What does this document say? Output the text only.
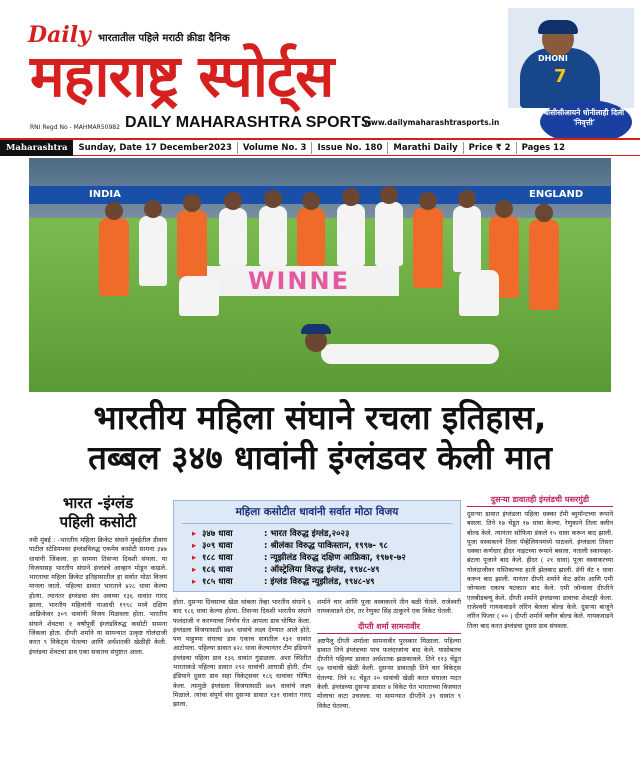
Daily भारतातील पहिले मराठी क्रीडा दैनिक
महाराष्ट्र स्पोर्ट्स
RNI Regd No - MAHMAR50982 DAILY MAHARASHTRA SPORTS
www.dailymaharashtrasports.in
DHONI
7
बीसीसीआयने धोनीलाही दिली 'निवृत्ती'
Maharashtra	Sunday, Date 17 December2023	Volume No. 3	Issue No. 180	Marathi Daily	Price ₹ 2	Pages 12
INDIA	ENGLAND
WINNE
भारतीय महिला संघाने रचला इतिहास,
तब्बल ३४७ धावांनी इंग्लंडवर केली मात
भारत -इंग्लंड
पहिली कसोटी
नवी मुंबई : -भारतीय महिला क्रिकेट संघाने मुंबईतील डीवाय पाटील स्टेडियमवर इंग्लंडविरुद्ध एकमेव कसोटी सामना ३४७ धावांनी जिंकला. हा सामना तिसऱ्या दिवशी संपला. या विजयासह भारतीय संघाने इंग्लंडचे आव्हान मोडून काढले. भारताचा महिला क्रिकेट इतिहासातील हा सर्वात मोठा विजय मानला जातो. पहिल्या डावात भारताने ४२८ धावा केल्या होत्या. त्यानंतर इंग्लंडचा संघ अवघ्या १३६ धावांत गारद झाला. भारतीय महिलांनी याआधी १९९८ मध्ये दक्षिण आफ्रिकेवर ३०९ धावांनी विजय मिळवला होता. भारतीय संघाने शेवटचा १ वर्षांपूर्वी इंग्लंडविरुद्ध कसोटी सामना जिंकला होता. दीप्ती शर्माने या सामन्यात उत्कृष्ट गोलंदाजी करत ९ विकेट्स घेतल्या आणि अर्धशतकी खेळीही केली. इंग्लंडचा शेवटचा डाव एका सत्रातच संपुष्टात आला.
महिला कसोटीत धावांनी सर्वात मोठा विजय
▸ ३४७ धावा	: भारत विरुद्ध इंग्लंड,२०२३
▸ ३०९ धावा	: श्रीलंका विरुद्ध पाकिस्तान, १९९७- ९८
▸ १८८ धावा	: न्यूझीलंड विरुद्ध दक्षिण आफ्रिका, १९७१-७२
▸ १८६ धावा	: ऑस्ट्रेलिया विरुद्ध इंग्लंड, १९४८-४९
▸ १८५ धावा	: इंग्लंड विरुद्ध न्यूझीलंड, १९४८-४९
होता. दुसऱ्या दिवसाचा खेळ थांबला तेव्हा भारतीय संघाने ६ बाद १८६ धावा केल्या होत्या. तिसऱ्या दिवशी भारतीय संघाने फलंदाजी न करण्याचा निर्णय घेत आपला डाव घोषित केला. इंग्लंडला विजयासाठी ४७९ धावांचे लक्ष्य देण्यात आले होते. पण पाहुण्या संघाचा डाव एकाच सत्रातील १३१ धावांत आटोपला. पहिल्या डावात ४२८ धावा केल्यानंतर टीम इंडियाने इंग्लंडचा पहिला डाव १३६ धावांत गुंडाळला. अशा स्थितीत भारताकडे पहिल्या डावात २९२ धावांची आघाडी होती. टीम इंडियाने दुसरा डाव सहा विकेट्सवर १८६ धावांवर घोषित केला. त्यामुळे इंग्लंडला विजयासाठी ४७९ धावांचे लक्ष्य मिळाले. त्यांचा संपूर्ण संघ दुसऱ्या डावात १३१ धावांत गारद झाला.
शर्माने चार आणि पूजा वस्त्राकरने तीन बळी घेतले. राजेश्वरी गायकवाडने दोन, तर रेणुका सिंह ठाकूरने एक विकेट घेतली.
दीप्ती शर्मा सामनावीर
अष्टपैलू दीप्ती शर्माला सामनावीर पुरस्कार मिळाला. पहिल्या डावात तिने इंग्लंडच्या पाच फलंदाजांना बाद केले. यासोबतच दीप्तीने पहिल्या डावात अर्धशतक झळकावले. तिने ११३ चेंडूत ६७ धावांची खेळी केली. दुसऱ्या डावातही तिने चार विकेट्स घेतल्या. तिने १८ चेंडूत २० धावांची खेळी करत संघाला मदत केली. इंग्लंडच्या दुसऱ्या डावात ४ विकेट घेत भारताच्या विजयात मोलाचा वाटा उचलला. या सामन्यात दीप्तीने ३९ धावांत ९ विकेट घेतल्या.
दुसऱ्या डावातही इंग्लंडची घसरगुंडी
दुसऱ्या डावात इंग्लंडला पहिला धक्का टॅमी ब्युमॉन्टच्या रूपाने बसला. तिने १७ चेंडूत १७ धावा केल्या. रेणुकाने तिला क्लीन बोल्ड केले. त्यानंतर सोफिया डंकले १५ धावा करून बाद झाली. पूजा वस्त्राकरने तिला पॅव्हेलियनमध्ये पाठवले. इंग्लंडला तिसरा धक्का कर्णधार हीदर नाइटच्या रूपाने बसला. नताली स्कायव्हर- ब्रंटला पूजाने बाद केले. हीदर ( २१ धावा) पूजा वस्त्राकरच्या गोलंदाजीवर यस्तिकाच्या हाती झेलबाद झाली. डॅनी वॅट १ धावा करून बाद झाली. यानंतर दीप्ती शर्माने केट क्रॉस आणि एमी जोन्सला एकाच षटकात बाद केले. एमी जोन्सला दीप्तीने एलबीडब्ल्यू केले. दीप्ती शर्माने इंग्लंडच्या डावाचा शेवटही केला. राजेश्वरी गायकवाडने लॉरेन बेलला बोल्ड केले. दुसऱ्या बाजूने लॉरेन फिलर ( ०० ) दीप्ती शर्माने क्लीन बोल्ड केले. गायकवाडने तिला बाद करत इंग्लंडचा दुसरा डाव संपवला.
